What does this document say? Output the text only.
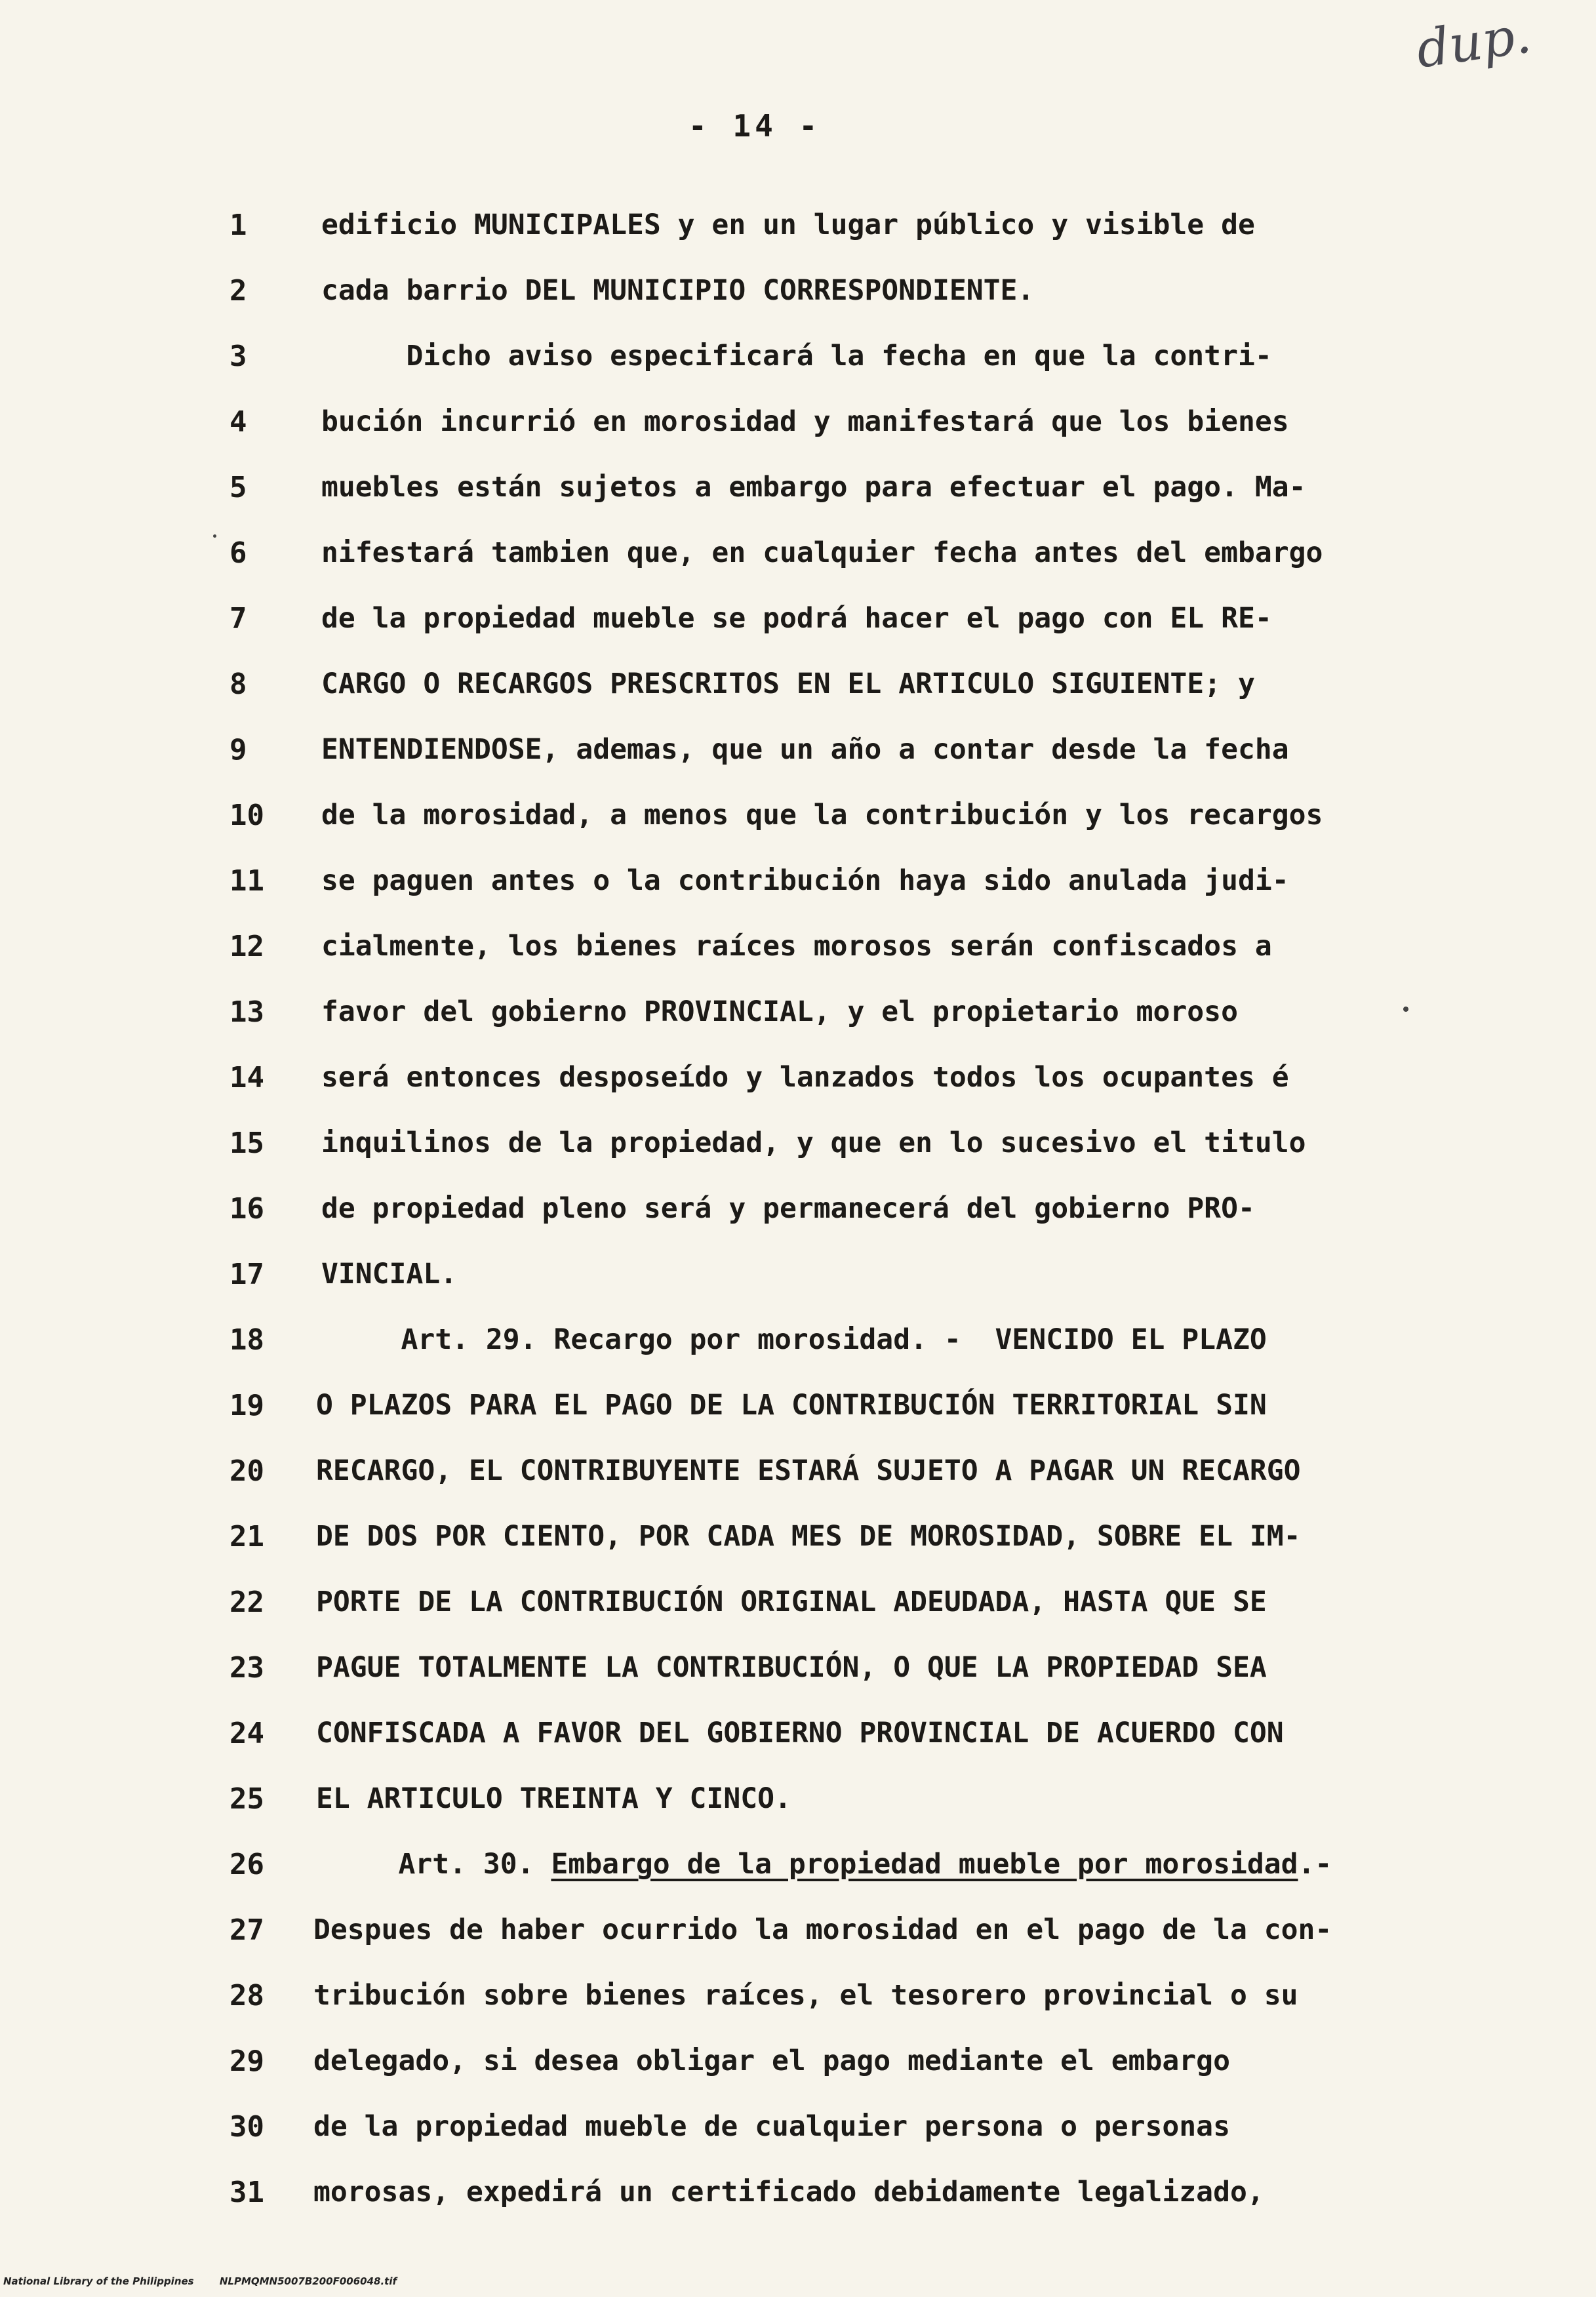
dup.
- 14 -
1	edificio MUNICIPALES y en un lugar público y visible de
2	cada barrio DEL MUNICIPIO CORRESPONDIENTE.
3	Dicho aviso especificará la fecha en que la contri-
4	bución incurrió en morosidad y manifestará que los bienes
5	muebles están sujetos a embargo para efectuar el pago. Ma-
6	nifestará tambien que, en cualquier fecha antes del embargo
7	de la propiedad mueble se podrá hacer el pago con EL RE-
8	CARGO O RECARGOS PRESCRITOS EN EL ARTICULO SIGUIENTE; y
9	ENTENDIENDOSE, ademas, que un año a contar desde la fecha
10	de la morosidad, a menos que la contribución y los recargos
11	se paguen antes o la contribución haya sido anulada judi-
12	cialmente, los bienes raíces morosos serán confiscados a
13	favor del gobierno PROVINCIAL, y el propietario moroso
14	será entonces desposeído y lanzados todos los ocupantes é
15	inquilinos de la propiedad, y que en lo sucesivo el titulo
16	de propiedad pleno será y permanecerá del gobierno PRO-
17	VINCIAL.
18	Art. 29. Recargo por morosidad. -  VENCIDO EL PLAZO
19	O PLAZOS PARA EL PAGO DE LA CONTRIBUCIÓN TERRITORIAL SIN
20	RECARGO, EL CONTRIBUYENTE ESTARÁ SUJETO A PAGAR UN RECARGO
21	DE DOS POR CIENTO, POR CADA MES DE MOROSIDAD, SOBRE EL IM-
22	PORTE DE LA CONTRIBUCIÓN ORIGINAL ADEUDADA, HASTA QUE SE
23	PAGUE TOTALMENTE LA CONTRIBUCIÓN, O QUE LA PROPIEDAD SEA
24	CONFISCADA A FAVOR DEL GOBIERNO PROVINCIAL DE ACUERDO CON
25	EL ARTICULO TREINTA Y CINCO.
26	Art. 30. Embargo de la propiedad mueble por morosidad.-
27	Despues de haber ocurrido la morosidad en el pago de la con-
28	tribución sobre bienes raíces, el tesorero provincial o su
29	delegado, si desea obligar el pago mediante el embargo
30	de la propiedad mueble de cualquier persona o personas
31	morosas, expedirá un certificado debidamente legalizado,
National Library of the Philippines	NLPMQMN5007B200F006048.tif
